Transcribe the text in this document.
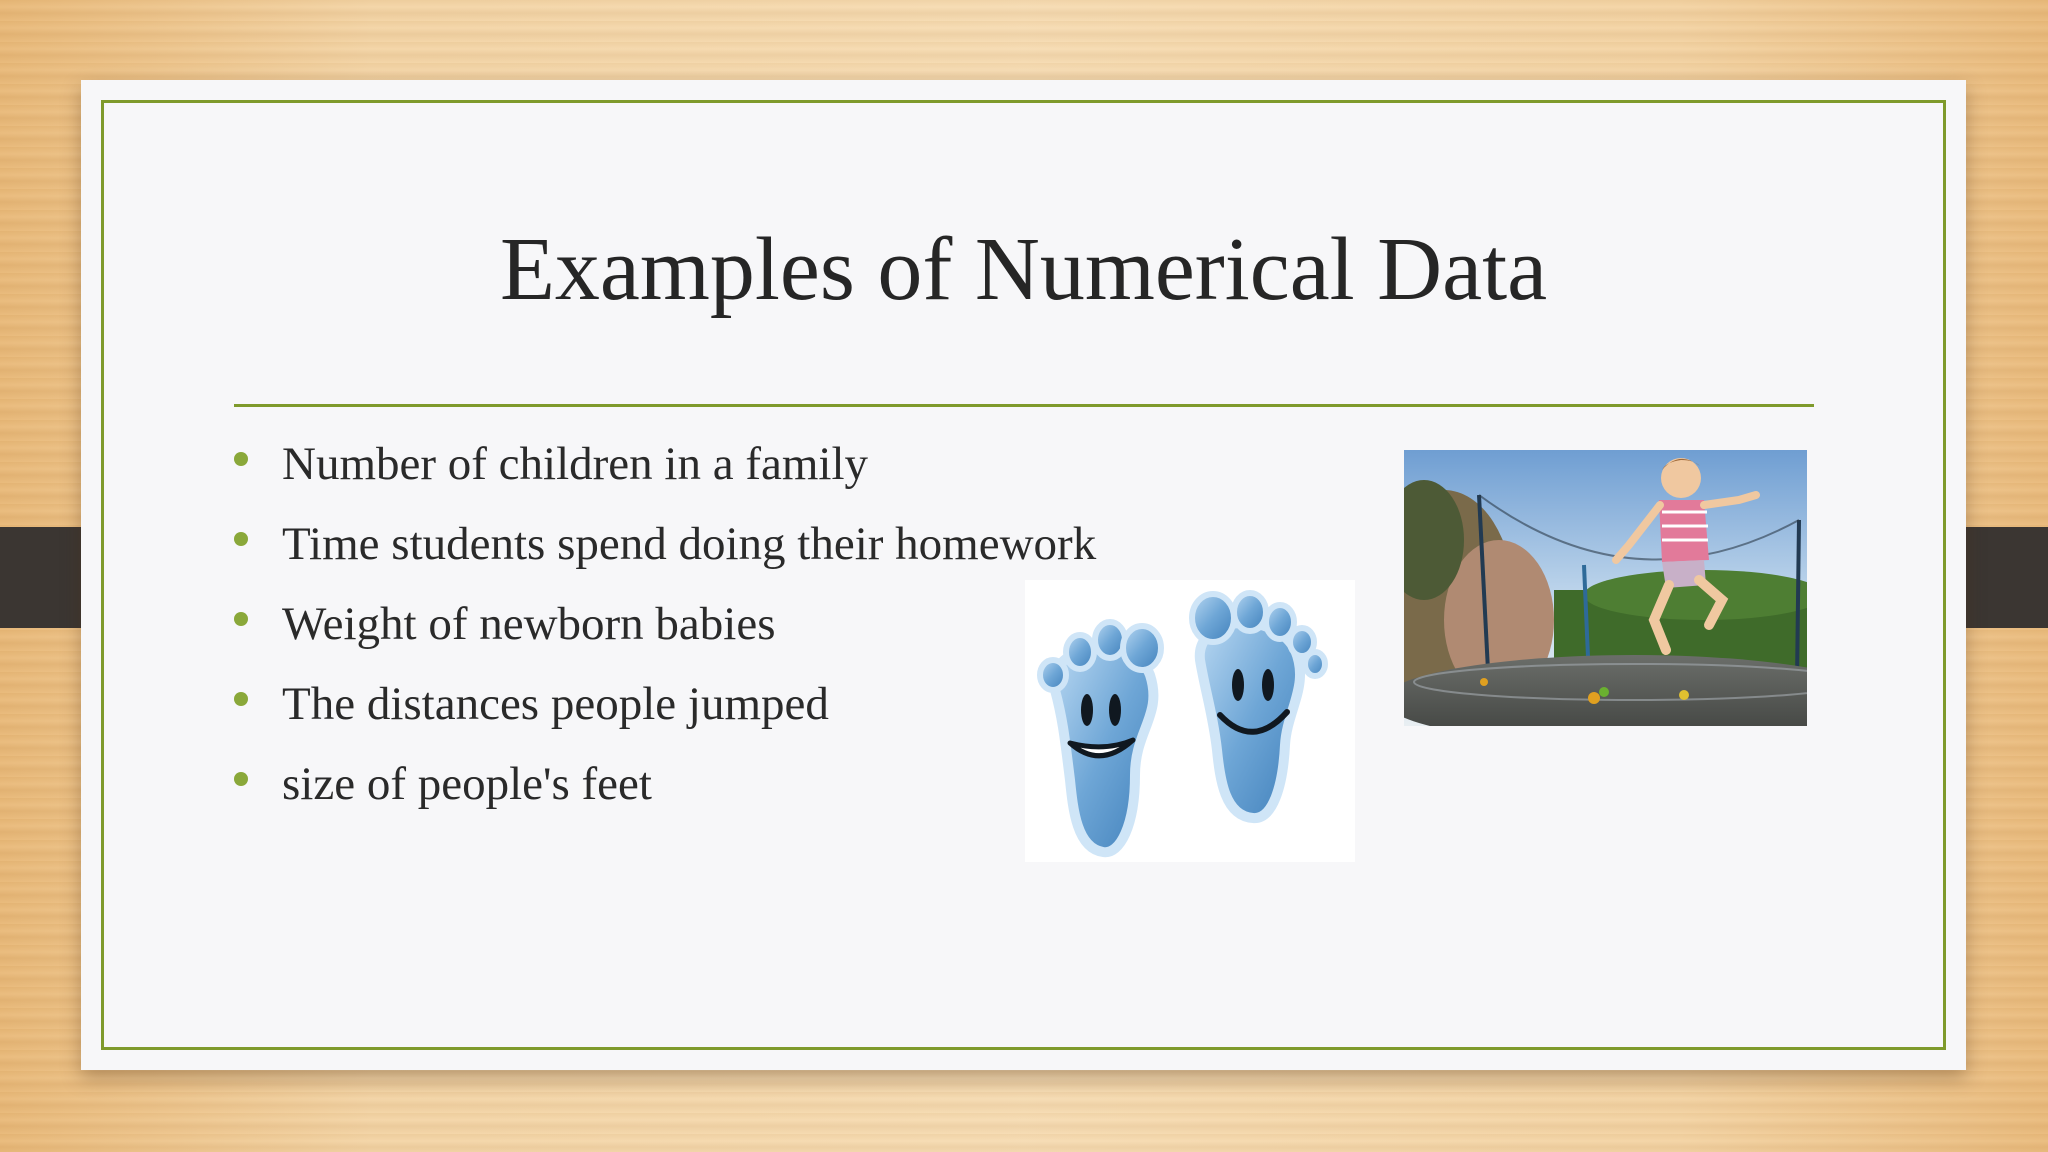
Examples of Numerical Data
Number of children in a family
Time students spend doing their homework
Weight of newborn babies
The distances people jumped
size of people's feet
